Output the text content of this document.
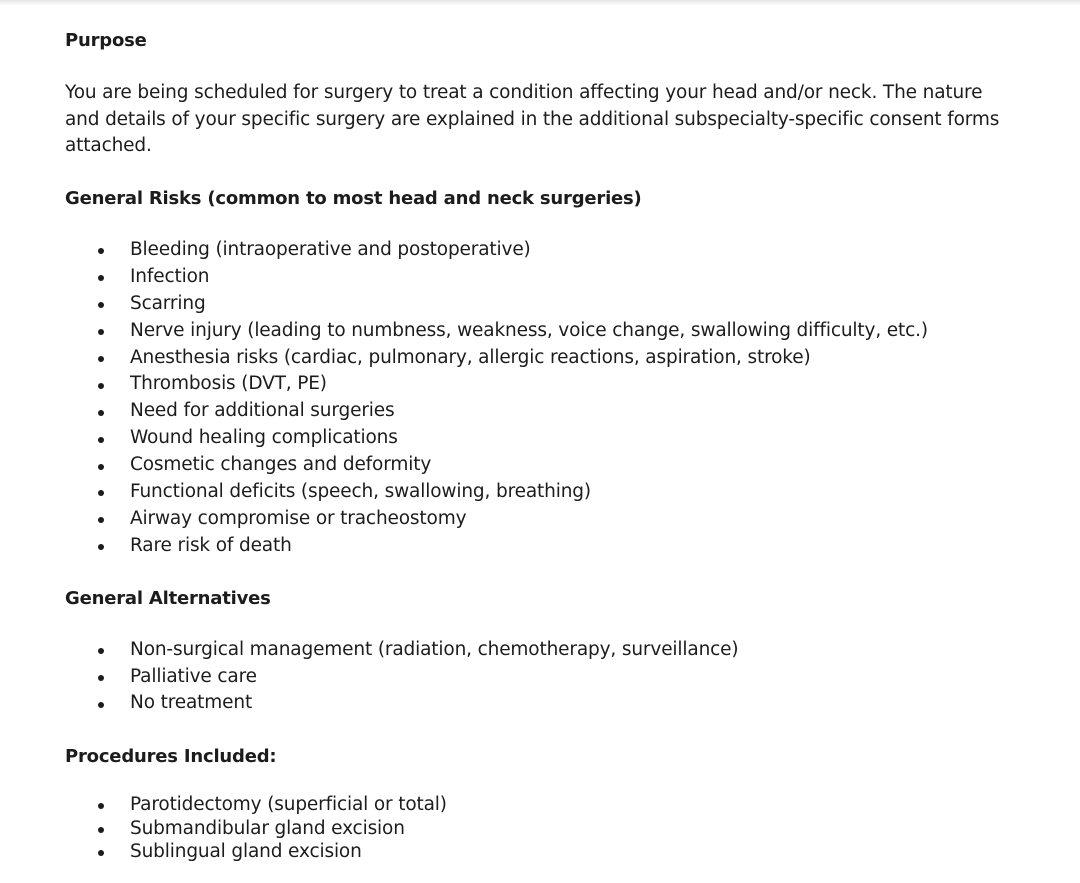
Purpose
You are being scheduled for surgery to treat a condition affecting your head and/or neck. The nature and details of your specific surgery are explained in the additional subspecialty-specific consent forms attached.
General Risks (common to most head and neck surgeries)
Bleeding (intraoperative and postoperative)
Infection
Scarring
Nerve injury (leading to numbness, weakness, voice change, swallowing difficulty, etc.)
Anesthesia risks (cardiac, pulmonary, allergic reactions, aspiration, stroke)
Thrombosis (DVT, PE)
Need for additional surgeries
Wound healing complications
Cosmetic changes and deformity
Functional deficits (speech, swallowing, breathing)
Airway compromise or tracheostomy
Rare risk of death
General Alternatives
Non-surgical management (radiation, chemotherapy, surveillance)
Palliative care
No treatment
Procedures Included:
Parotidectomy (superficial or total)
Submandibular gland excision
Sublingual gland excision
